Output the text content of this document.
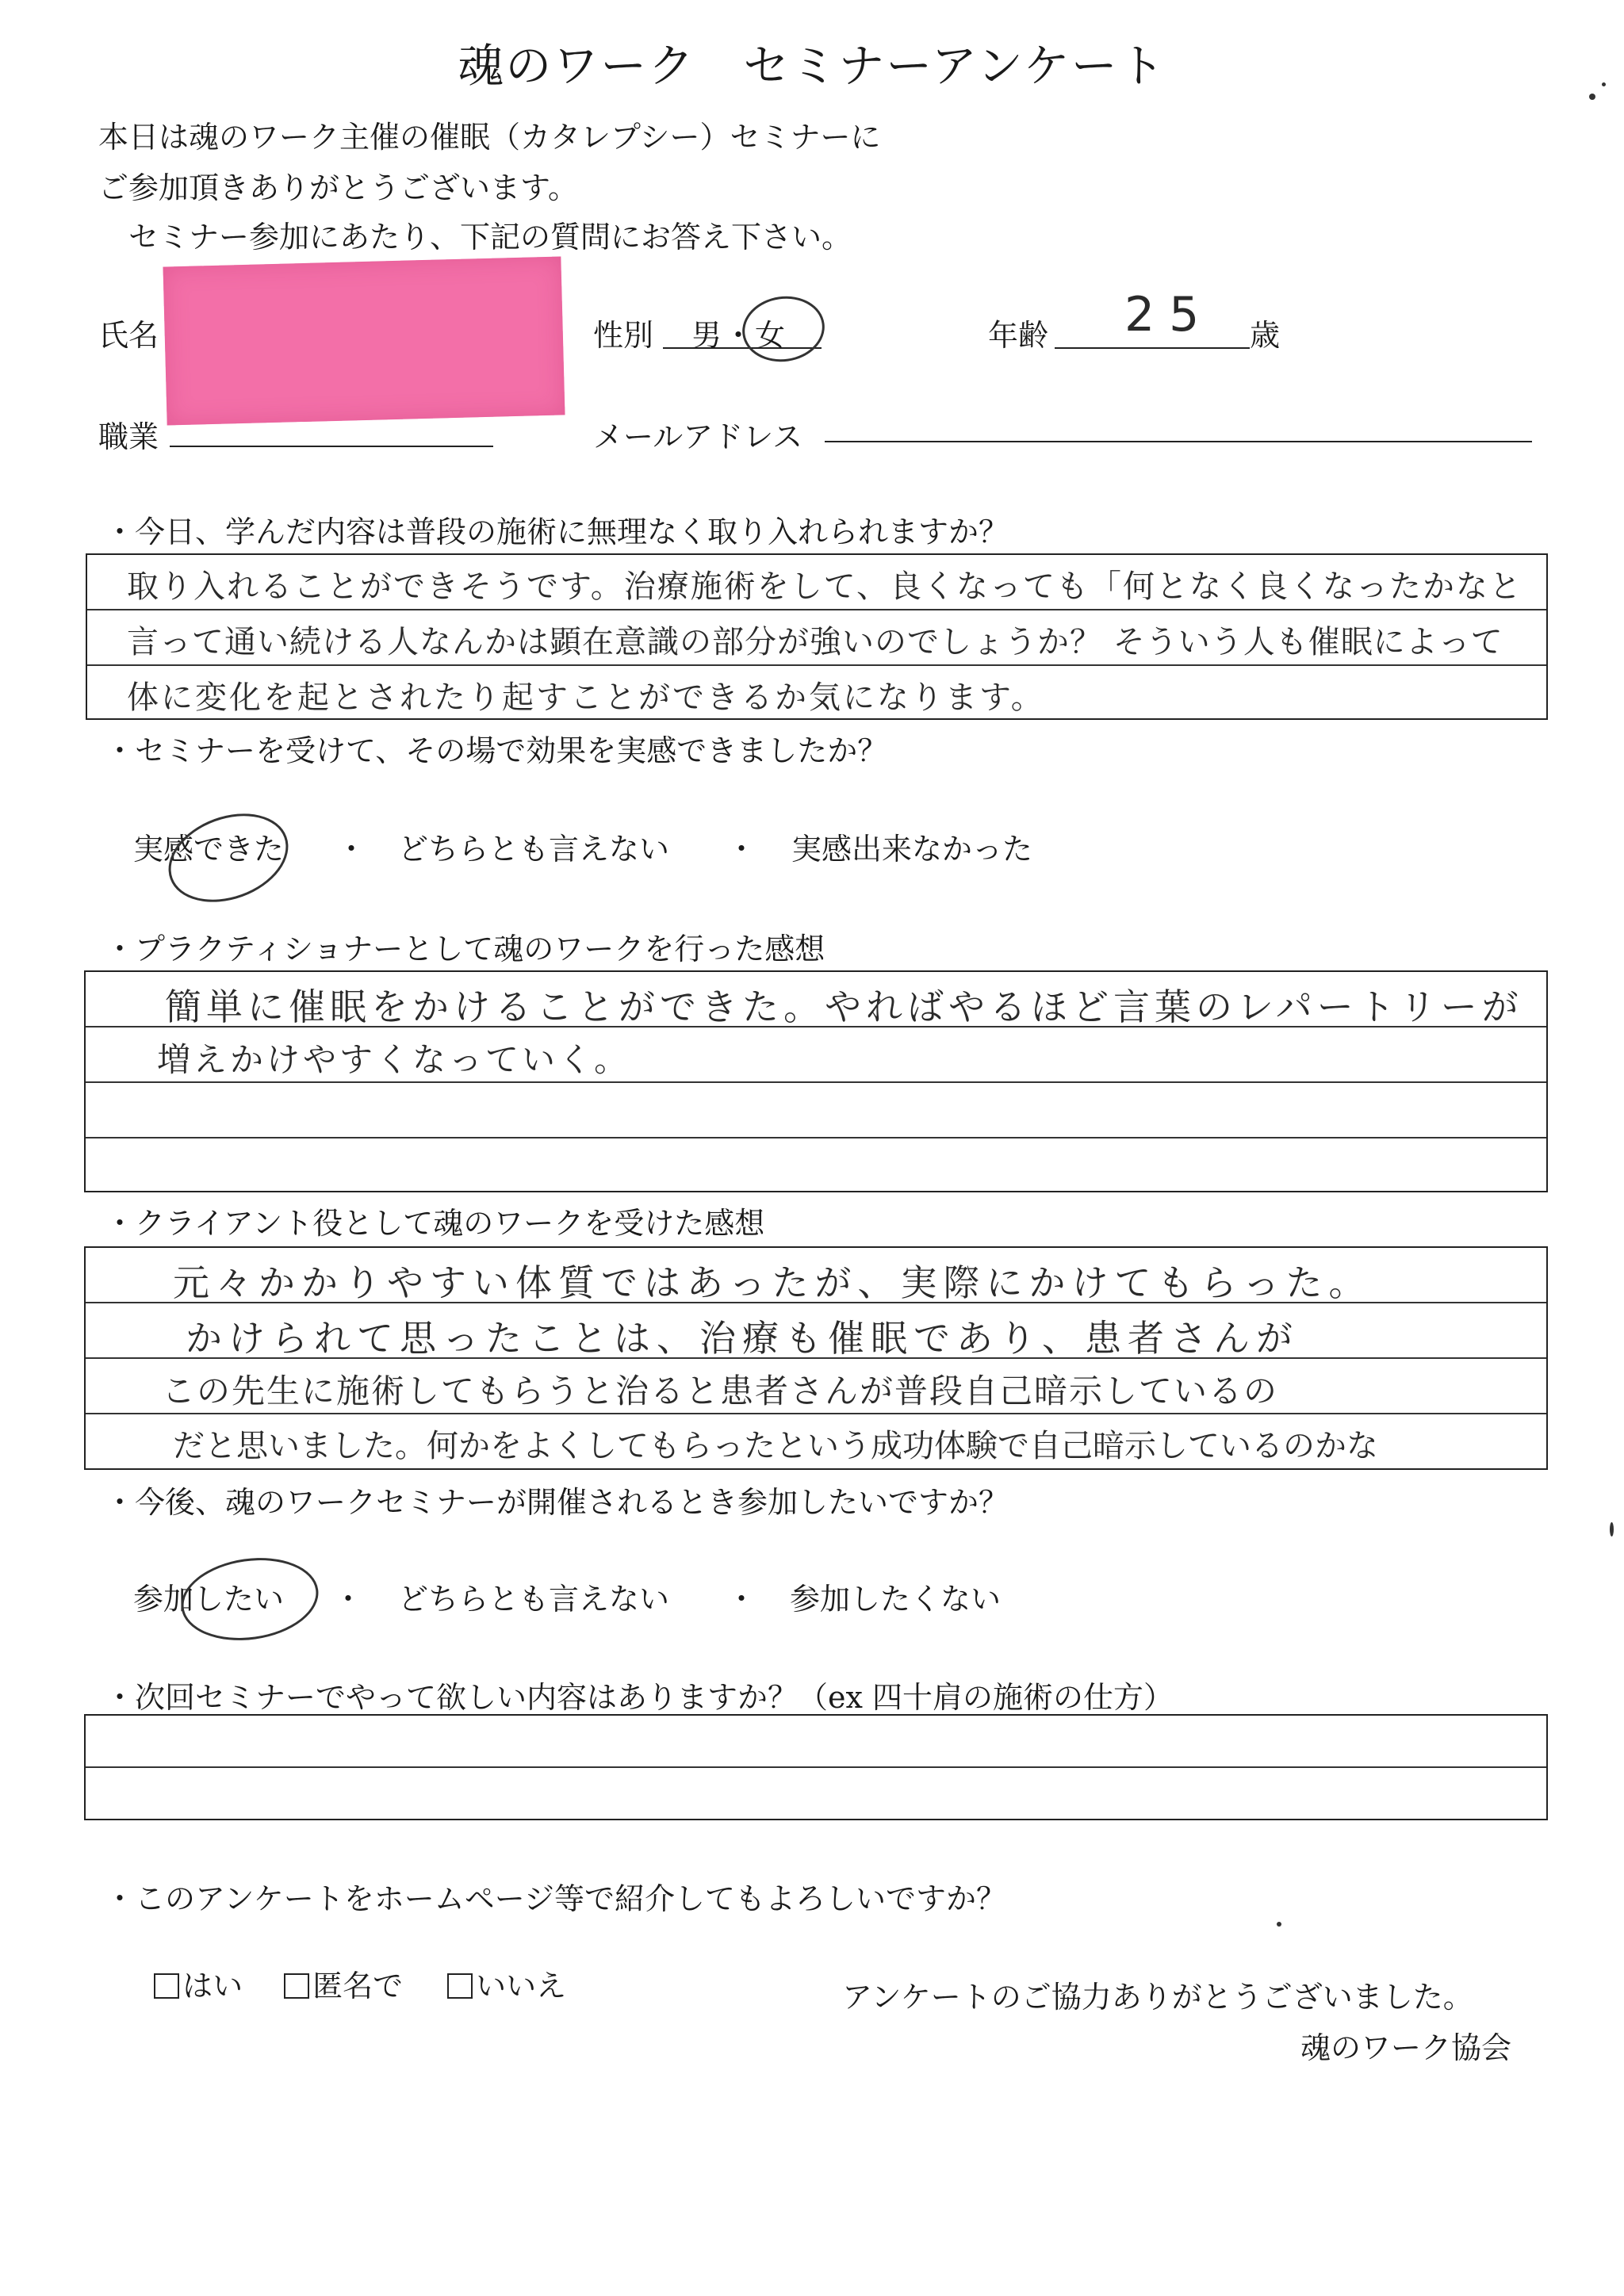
魂のワーク　セミナーアンケート
本日は魂のワーク主催の催眠（カタレプシー）セミナーに
ご参加頂きありがとうございます。
　セミナー参加にあたり、下記の質問にお答え下さい。
氏名	性別 男 ・ 女	年齢 25 歳
職業	メールアドレス
・今日、学んだ内容は普段の施術に無理なく取り入れられますか？
取り入れることができそうです。治療施術をして、良くなっても「何となく良くなったかなと
言って通い続ける人なんかは顕在意識の部分が強いのでしょうか？ そういう人も催眠によって
体に変化を起とされたり起すことができるか気になります。
・セミナーを受けて、その場で効果を実感できましたか？
実感できた ・ どちらとも言えない ・ 実感出来なかった
・プラクティショナーとして魂のワークを行った感想
簡単に催眠をかけることができた。やればやるほど言葉のレパートリーが
増えかけやすくなっていく。
・クライアント役として魂のワークを受けた感想
元々かかりやすい体質ではあったが、実際にかけてもらった。
かけられて思ったことは、治療も催眠であり、患者さんが
この先生に施術してもらうと治ると患者さんが普段自己暗示しているの
だと思いました。何かをよくしてもらったという成功体験で自己暗示しているのかな
・今後、魂のワークセミナーが開催されるとき参加したいですか？
参加したい ・ どちらとも言えない ・ 参加したくない
・次回セミナーでやって欲しい内容はありますか？（ex 四十肩の施術の仕方）
・このアンケートをホームページ等で紹介してもよろしいですか？

はい	匿名で	いいえ	アンケートのご協力ありがとうございました。
魂のワーク協会
